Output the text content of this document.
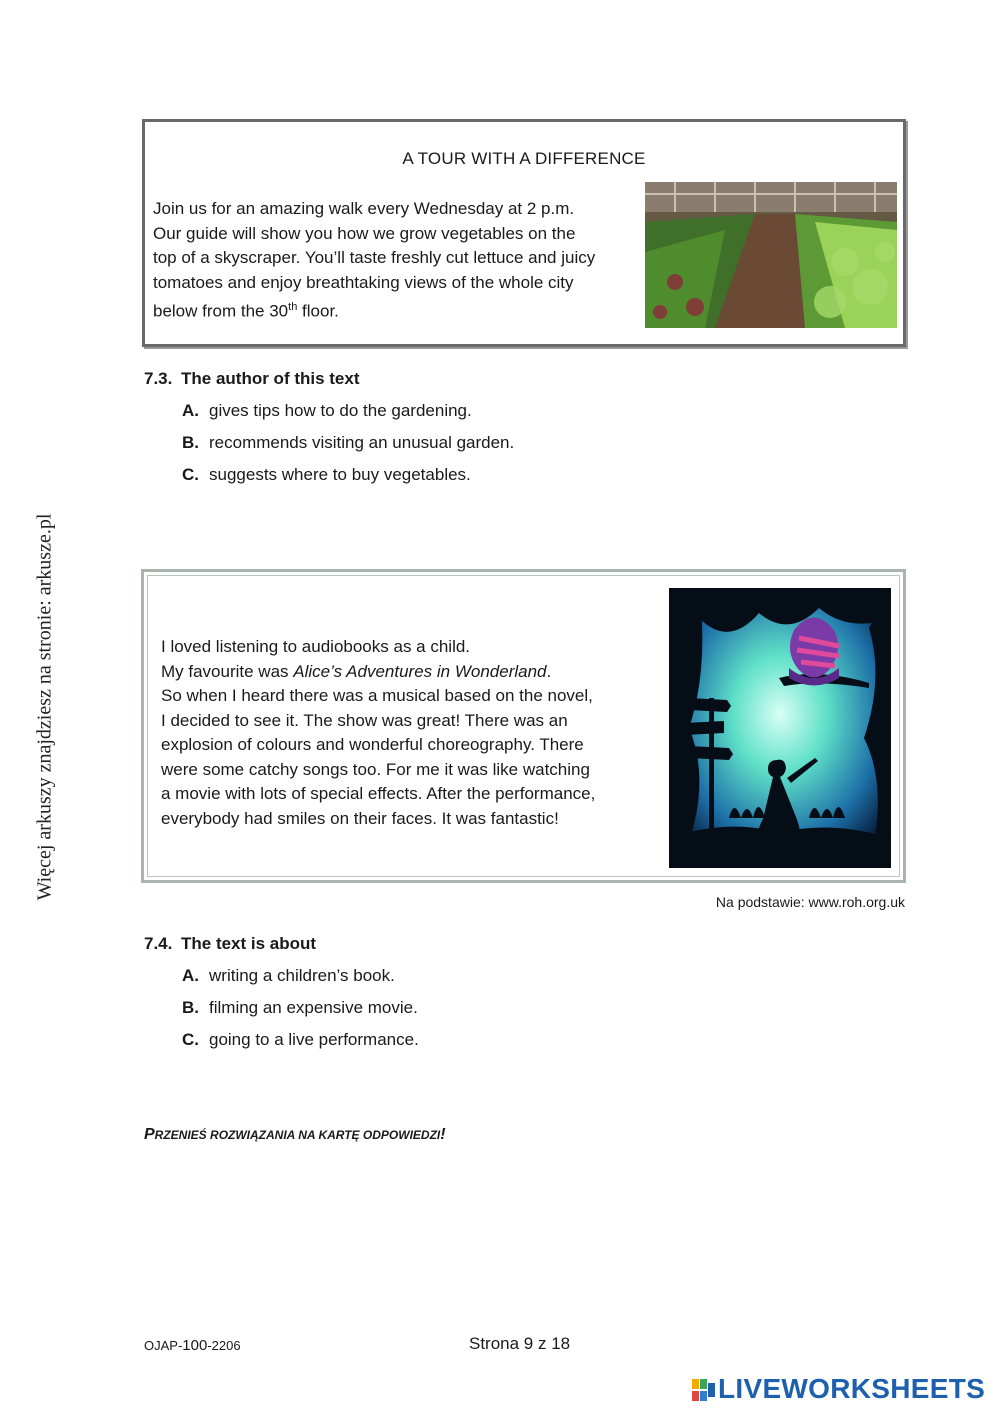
Więcej arkuszy znajdziesz na stronie: arkusze.pl
A TOUR WITH A DIFFERENCE
Join us for an amazing walk every Wednesday at 2 p.m.
Our guide will show you how we grow vegetables on the
top of a skyscraper. You’ll taste freshly cut lettuce and juicy
tomatoes and enjoy breathtaking views of the whole city
below from the 30th floor.
7.3. The author of this text
A. gives tips how to do the gardening.
B. recommends visiting an unusual garden.
C. suggests where to buy vegetables.
I loved listening to audiobooks as a child.
My favourite was Alice’s Adventures in Wonderland.
So when I heard there was a musical based on the novel,
I decided to see it. The show was great! There was an
explosion of colours and wonderful choreography. There
were some catchy songs too. For me it was like watching
a movie with lots of special effects. After the performance,
everybody had smiles on their faces. It was fantastic!
Na podstawie: www.roh.org.uk
7.4. The text is about
A. writing a children’s book.
B. filming an expensive movie.
C. going to a live performance.
PRZENIEŚ ROZWIĄZANIA NA KARTĘ ODPOWIEDZI!
OJAP-100-2206	Strona 9 z 18
LIVEWORKSHEETS
